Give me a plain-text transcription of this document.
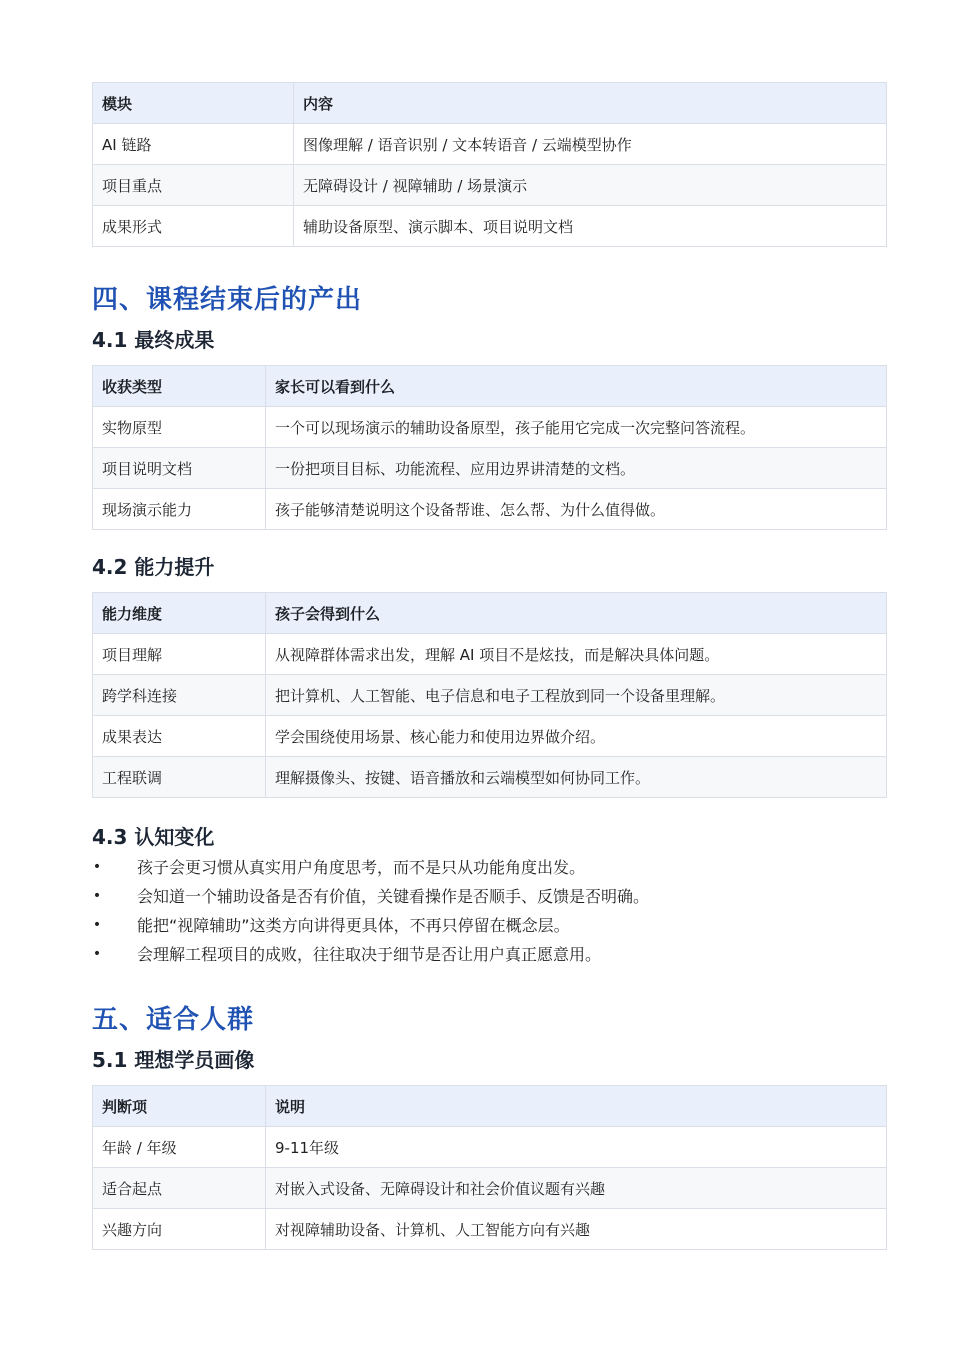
模块	内容
AI 链路	图像理解 / 语音识别 / 文本转语音 / 云端模型协作
项目重点	无障碍设计 / 视障辅助 / 场景演示
成果形式	辅助设备原型、演示脚本、项目说明文档
四、课程结束后的产出
4.1 最终成果
收获类型	家长可以看到什么
实物原型	一个可以现场演示的辅助设备原型，孩子能用它完成一次完整问答流程。
项目说明文档	一份把项目目标、功能流程、应用边界讲清楚的文档。
现场演示能力	孩子能够清楚说明这个设备帮谁、怎么帮、为什么值得做。
4.2 能力提升
能力维度	孩子会得到什么
项目理解	从视障群体需求出发，理解 AI 项目不是炫技，而是解决具体问题。
跨学科连接	把计算机、人工智能、电子信息和电子工程放到同一个设备里理解。
成果表达	学会围绕使用场景、核心能力和使用边界做介绍。
工程联调	理解摄像头、按键、语音播放和云端模型如何协同工作。
4.3 认知变化
• 孩子会更习惯从真实用户角度思考，而不是只从功能角度出发。
• 会知道一个辅助设备是否有价值，关键看操作是否顺手、反馈是否明确。
• 能把“视障辅助”这类方向讲得更具体，不再只停留在概念层。
• 会理解工程项目的成败，往往取决于细节是否让用户真正愿意用。
五、适合人群
5.1 理想学员画像
判断项	说明
年龄 / 年级	9-11年级
适合起点	对嵌入式设备、无障碍设计和社会价值议题有兴趣
兴趣方向	对视障辅助设备、计算机、人工智能方向有兴趣
